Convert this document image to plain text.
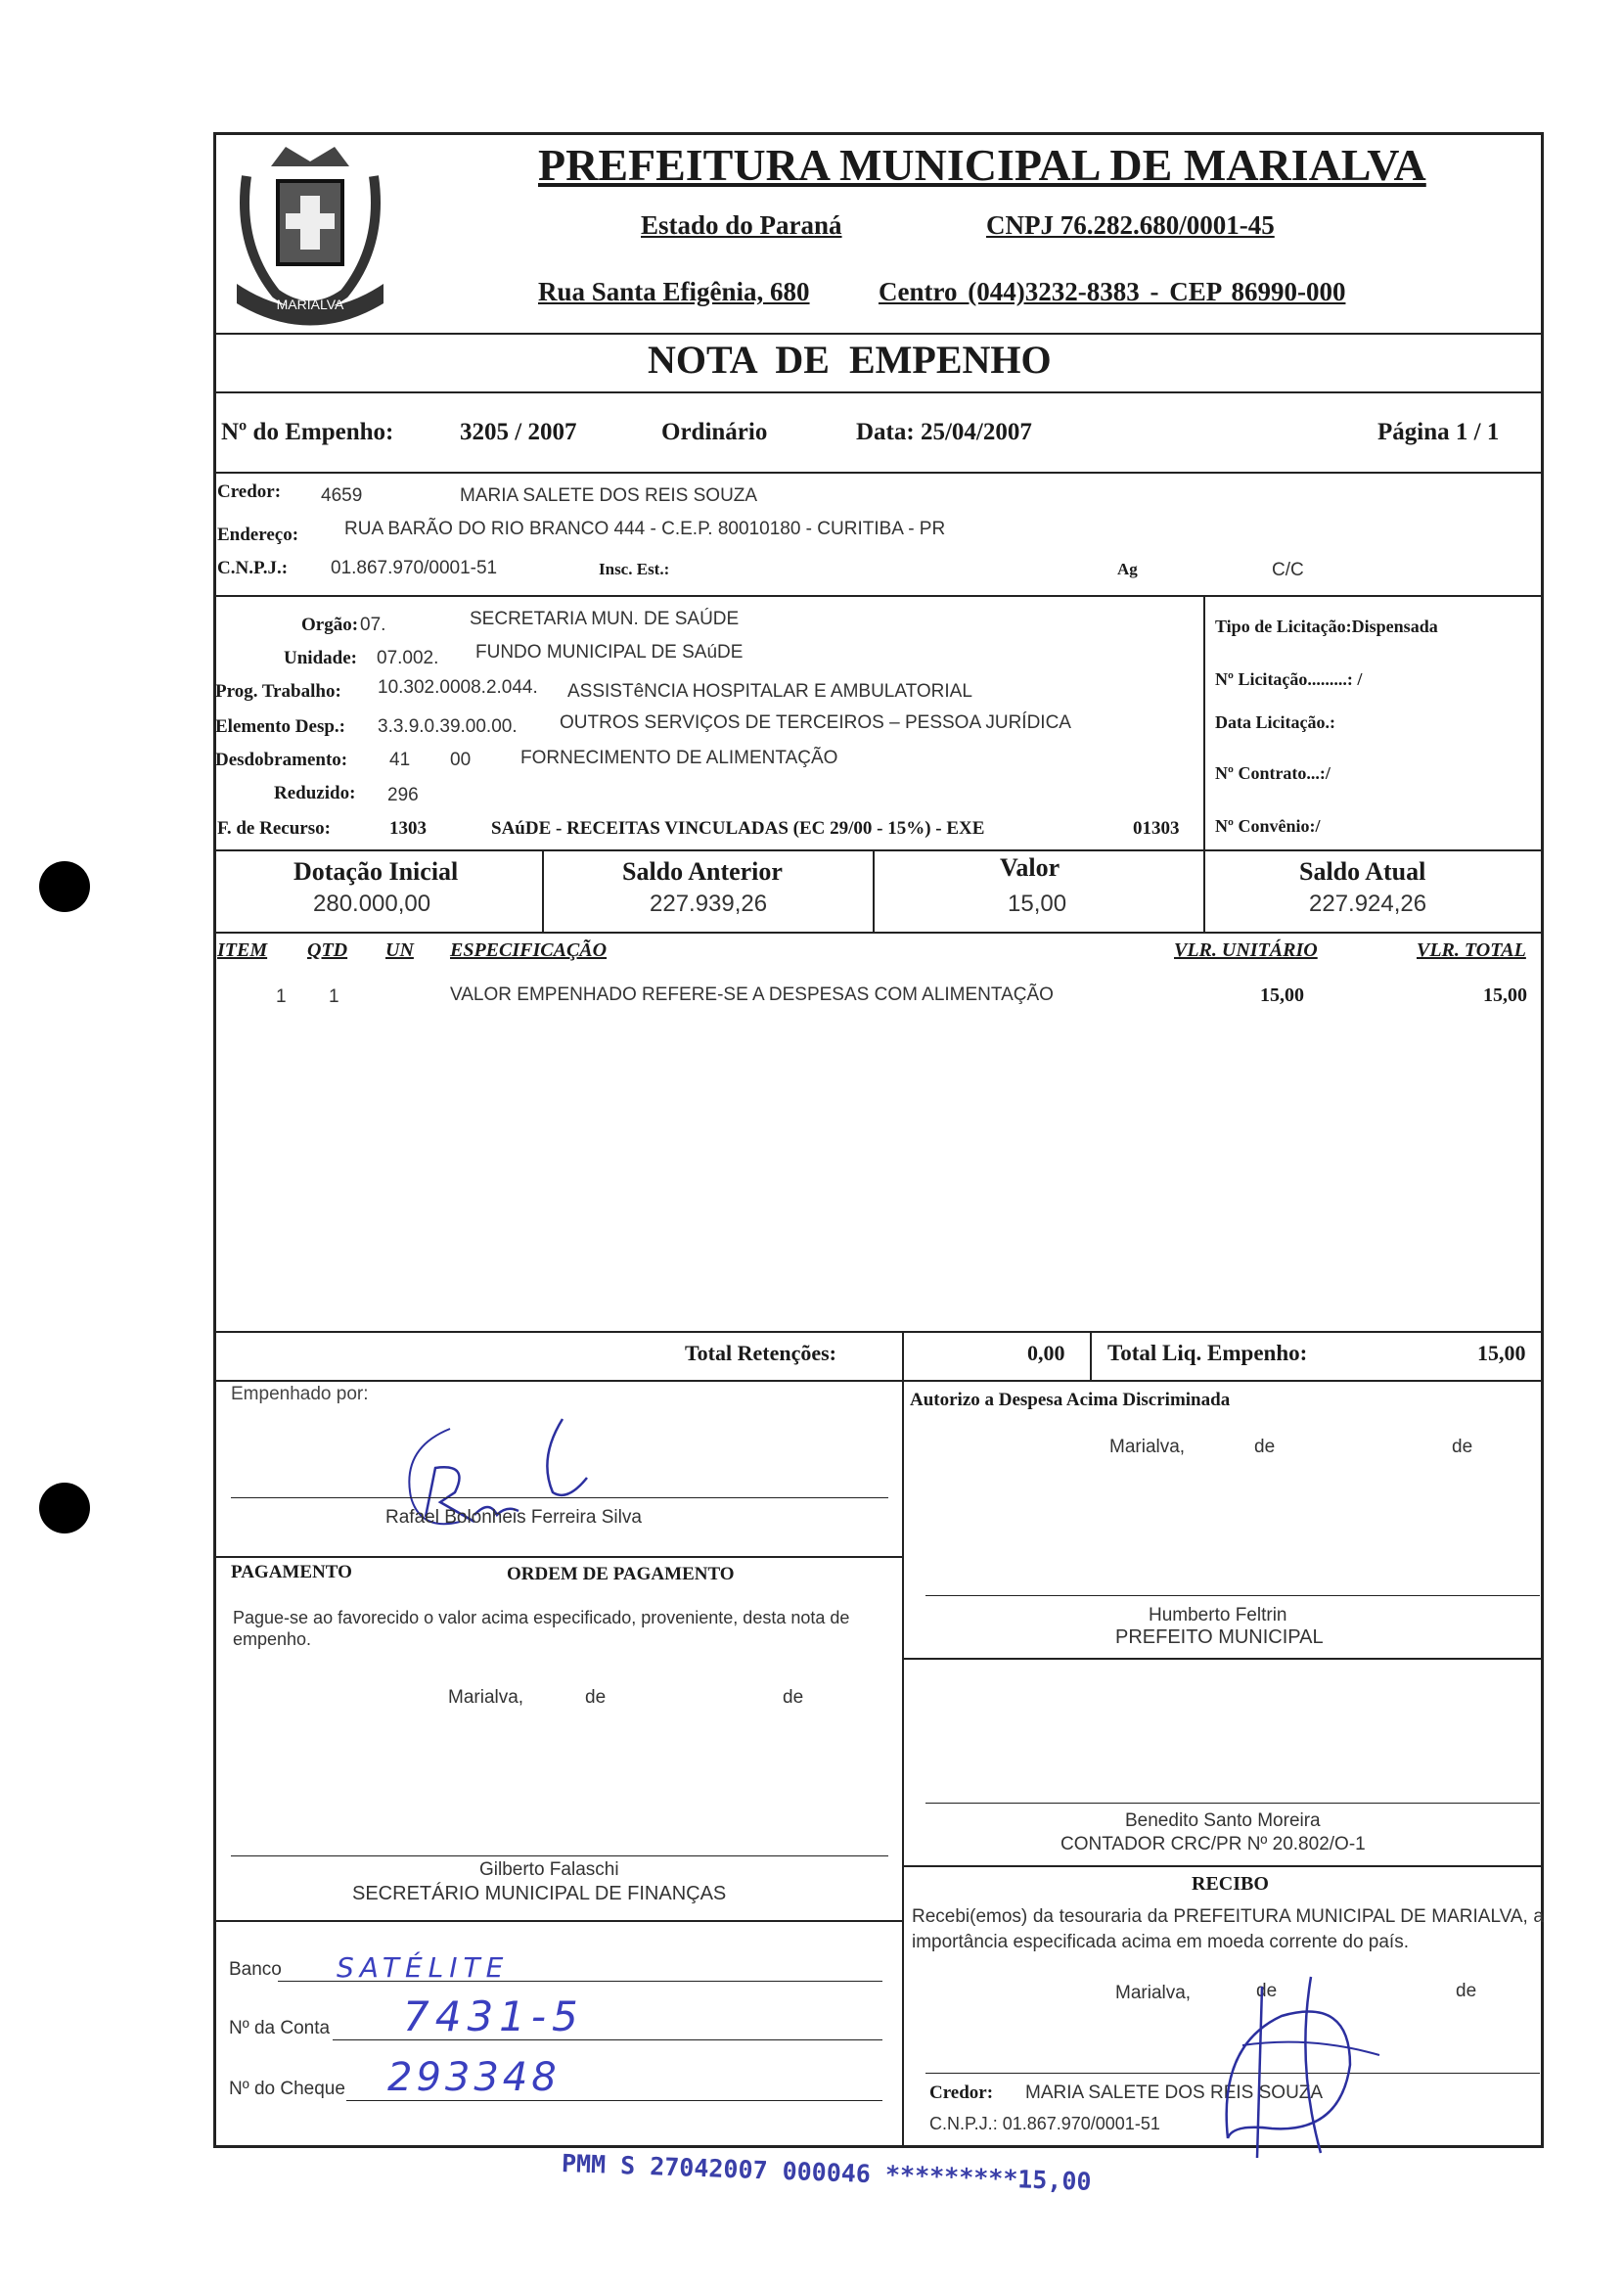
MARIALVA
PREFEITURA MUNICIPAL DE MARIALVA
Estado do Paraná	CNPJ 76.282.680/0001-45
Rua Santa Efigênia, 680	Centro (044)3232-8383 - CEP 86990-000
NOTA DE EMPENHO
Nº do Empenho:	3205 / 2007	Ordinário	Data: 25/04/2007	Página 1 / 1
Credor: 4659	MARIA SALETE DOS REIS SOUZA
Endereço: RUA BARÃO DO RIO BRANCO 444 - C.E.P. 80010180 - CURITIBA - PR
C.N.P.J.: 01.867.970/0001-51	Insc. Est.:	Ag	C/C
Orgão: 07.	SECRETARIA MUN. DE SAÚDE
Unidade: 07.002. FUNDO MUNICIPAL DE SAúDE
Prog. Trabalho: 10.302.0008.2.044. ASSISTêNCIA HOSPITALAR E AMBULATORIAL
Elemento Desp.: 3.3.9.0.39.00.00. OUTROS SERVIÇOS DE TERCEIROS – PESSOA JURÍDICA
Desdobramento: 41 00	FORNECIMENTO DE ALIMENTAÇÃO
Reduzido: 296
F. de Recurso:	1303	SAúDE - RECEITAS VINCULADAS (EC 29/00 - 15%) - EXE	01303
Tipo de Licitação:Dispensada
Nº Licitação.........: /
Data Licitação.:
Nº Contrato...:/
Nº Convênio:/
Dotação Inicial
280.000,00
Saldo Anterior
227.939,26
Valor
15,00
Saldo Atual
227.924,26
ITEM QTD UN ESPECIFICAÇÃO	VLR. UNITÁRIO	VLR. TOTAL
1 1	VALOR EMPENHADO REFERE-SE A DESPESAS COM ALIMENTAÇÃO	15,00	15,00
Total Retenções:	0,00 Total Liq. Empenho:	15,00
Empenhado por:
Rafael Bolonheis Ferreira Silva
PAGAMENTO	ORDEM DE PAGAMENTO
Pague-se ao favorecido o valor acima especificado, proveniente, desta nota de empenho.
Marialva,	de	de
Gilberto Falaschi
SECRETÁRIO MUNICIPAL DE FINANÇAS
Banco SATÉLITE
Nº da Conta 7431-5
Nº do Cheque 293348
Autorizo a Despesa Acima Discriminada
Marialva,	de	de
Humberto Feltrin
PREFEITO MUNICIPAL
Benedito Santo Moreira
CONTADOR CRC/PR Nº 20.802/O-1
RECIBO
Recebi(emos) da tesouraria da PREFEITURA MUNICIPAL DE MARIALVA, a importância especificada acima em moeda corrente do país.
Marialva,	de	de
Credor: MARIA SALETE DOS REIS SOUZA
C.N.P.J.: 01.867.970/0001-51
PMM S 27042007 000046 *********15,00
